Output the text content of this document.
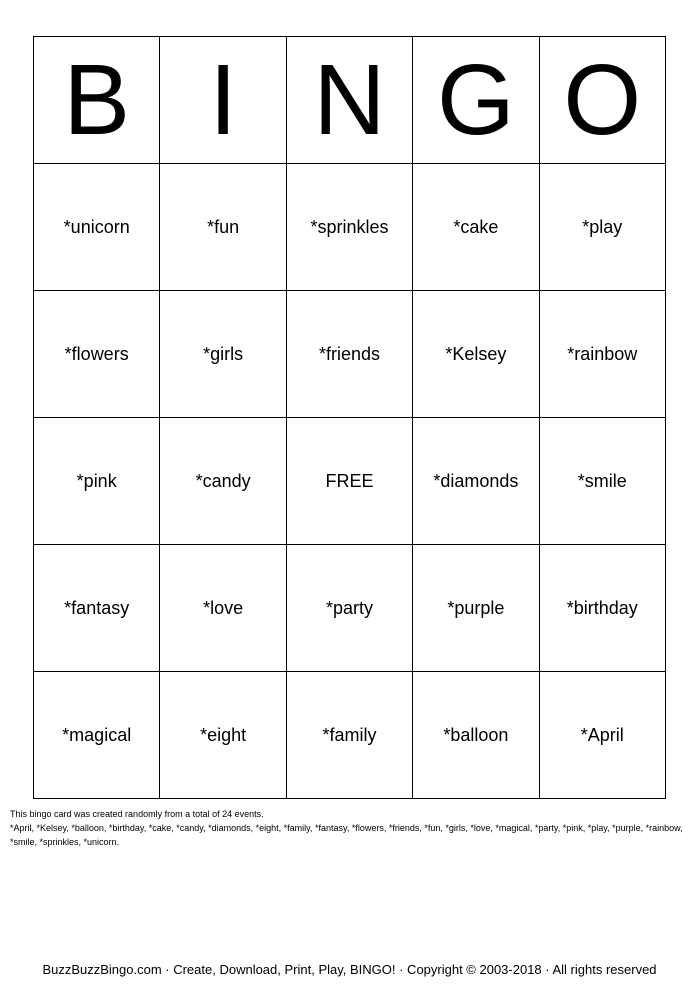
B	I	N	G	O
*unicorn	*fun	*sprinkles	*cake	*play
*flowers	*girls	*friends	*Kelsey	*rainbow
*pink	*candy	FREE	*diamonds	*smile
*fantasy	*love	*party	*purple	*birthday
*magical	*eight	*family	*balloon	*April
This bingo card was created randomly from a total of 24 events.
*April, *Kelsey, *balloon, *birthday, *cake, *candy, *diamonds, *eight, *family, *fantasy, *flowers, *friends, *fun, *girls, *love, *magical, *party, *pink, *play, *purple, *rainbow, *smile, *sprinkles, *unicorn.
BuzzBuzzBingo.com · Create, Download, Print, Play, BINGO! · Copyright © 2003-2018 · All rights reserved
